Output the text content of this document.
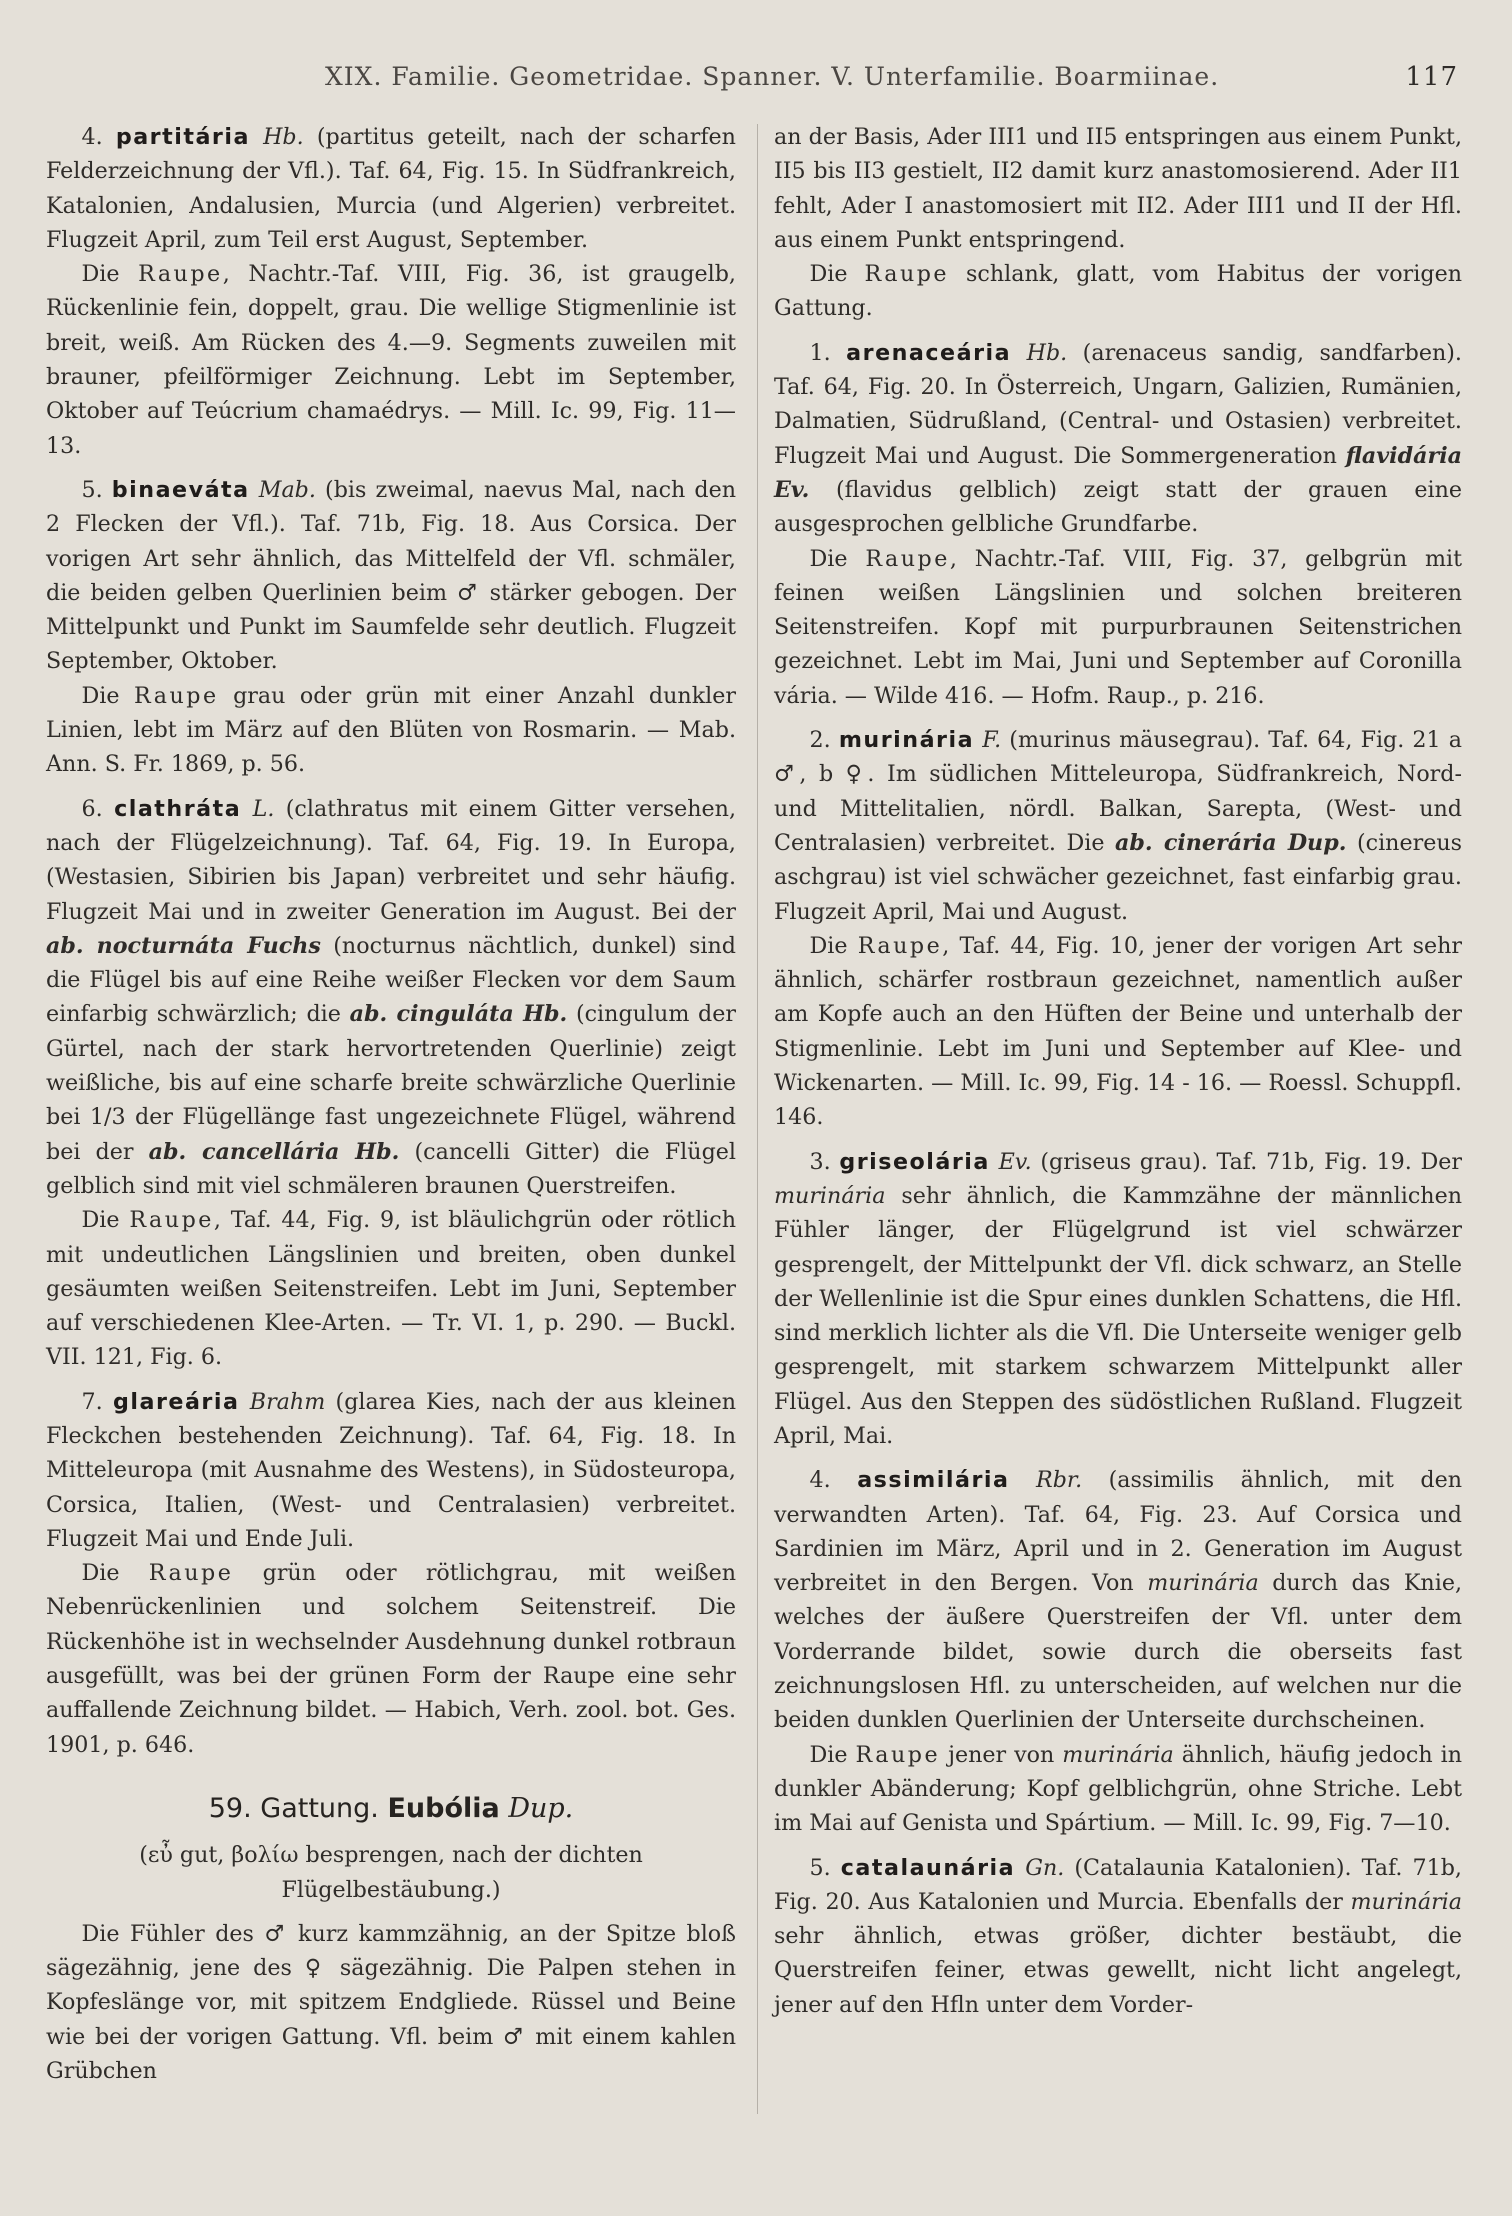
XIX. Familie. Geometridae. Spanner. V. Unterfamilie. Boarmiinae.	117

4. partitária Hb. (partitus geteilt, nach der scharfen Felderzeichnung der Vfl.). Taf. 64, Fig. 15. In Südfrankreich, Katalonien, Andalusien, Murcia (und Algerien) verbreitet. Flugzeit April, zum Teil erst August, September.

Die Raupe, Nachtr.-Taf. VIII, Fig. 36, ist graugelb, Rückenlinie fein, doppelt, grau. Die wellige Stigmenlinie ist breit, weiß. Am Rücken des 4.—9. Segments zuweilen mit brauner, pfeilförmiger Zeichnung. Lebt im September, Oktober auf Teúcrium chamaédrys. — Mill. Ic. 99, Fig. 11—13.

5. binaeváta Mab. (bis zweimal, naevus Mal, nach den 2 Flecken der Vfl.). Taf. 71b, Fig. 18. Aus Corsica. Der vorigen Art sehr ähnlich, das Mittelfeld der Vfl. schmäler, die beiden gelben Querlinien beim ♂ stärker gebogen. Der Mittelpunkt und Punkt im Saumfelde sehr deutlich. Flugzeit September, Oktober.

Die Raupe grau oder grün mit einer Anzahl dunkler Linien, lebt im März auf den Blüten von Rosmarin. — Mab. Ann. S. Fr. 1869, p. 56.

6. clathráta L. (clathratus mit einem Gitter versehen, nach der Flügelzeichnung). Taf. 64, Fig. 19. In Europa, (Westasien, Sibirien bis Japan) verbreitet und sehr häufig. Flugzeit Mai und in zweiter Generation im August. Bei der ab. nocturnáta Fuchs (nocturnus nächtlich, dunkel) sind die Flügel bis auf eine Reihe weißer Flecken vor dem Saum einfarbig schwärzlich; die ab. cinguláta Hb. (cingulum der Gürtel, nach der stark hervortretenden Querlinie) zeigt weißliche, bis auf eine scharfe breite schwärzliche Querlinie bei 1/3 der Flügellänge fast ungezeichnete Flügel, während bei der ab. cancellária Hb. (cancelli Gitter) die Flügel gelblich sind mit viel schmäleren braunen Querstreifen.

Die Raupe, Taf. 44, Fig. 9, ist bläulichgrün oder rötlich mit undeutlichen Längslinien und breiten, oben dunkel gesäumten weißen Seitenstreifen. Lebt im Juni, September auf verschiedenen Klee-Arten. — Tr. VI. 1, p. 290. — Buckl. VII. 121, Fig. 6.

7. glareária Brahm (glarea Kies, nach der aus kleinen Fleckchen bestehenden Zeichnung). Taf. 64, Fig. 18. In Mitteleuropa (mit Ausnahme des Westens), in Südosteuropa, Corsica, Italien, (West- und Centralasien) verbreitet. Flugzeit Mai und Ende Juli.

Die Raupe grün oder rötlichgrau, mit weißen Nebenrückenlinien und solchem Seitenstreif. Die Rückenhöhe ist in wechselnder Ausdehnung dunkel rotbraun ausgefüllt, was bei der grünen Form der Raupe eine sehr auffallende Zeichnung bildet. — Habich, Verh. zool. bot. Ges. 1901, p. 646.

59. Gattung. Eubólia Dup.

(εὖ gut, βολίω besprengen, nach der dichten Flügelbestäubung.)

Die Fühler des ♂ kurz kammzähnig, an der Spitze bloß sägezähnig, jene des ♀ sägezähnig. Die Palpen stehen in Kopfeslänge vor, mit spitzem Endgliede. Rüssel und Beine wie bei der vorigen Gattung. Vfl. beim ♂ mit einem kahlen Grübchen

an der Basis, Ader III1 und II5 entspringen aus einem Punkt, II5 bis II3 gestielt, II2 damit kurz anastomosierend. Ader II1 fehlt, Ader I anastomosiert mit II2. Ader III1 und II der Hfl. aus einem Punkt entspringend.

Die Raupe schlank, glatt, vom Habitus der vorigen Gattung.

1. arenaceária Hb. (arenaceus sandig, sandfarben). Taf. 64, Fig. 20. In Österreich, Ungarn, Galizien, Rumänien, Dalmatien, Südrußland, (Central- und Ostasien) verbreitet. Flugzeit Mai und August. Die Sommergeneration flavidária Ev. (flavidus gelblich) zeigt statt der grauen eine ausgesprochen gelbliche Grundfarbe.

Die Raupe, Nachtr.-Taf. VIII, Fig. 37, gelbgrün mit feinen weißen Längslinien und solchen breiteren Seitenstreifen. Kopf mit purpurbraunen Seitenstrichen gezeichnet. Lebt im Mai, Juni und September auf Coronilla vária. — Wilde 416. — Hofm. Raup., p. 216.

2. murinária F. (murinus mäusegrau). Taf. 64, Fig. 21 a ♂, b ♀. Im südlichen Mitteleuropa, Südfrankreich, Nord- und Mittelitalien, nördl. Balkan, Sarepta, (West- und Centralasien) verbreitet. Die ab. cinerária Dup. (cinereus aschgrau) ist viel schwächer gezeichnet, fast einfarbig grau. Flugzeit April, Mai und August.

Die Raupe, Taf. 44, Fig. 10, jener der vorigen Art sehr ähnlich, schärfer rostbraun gezeichnet, namentlich außer am Kopfe auch an den Hüften der Beine und unterhalb der Stigmenlinie. Lebt im Juni und September auf Klee- und Wickenarten. — Mill. Ic. 99, Fig. 14 - 16. — Roessl. Schuppfl. 146.

3. griseolária Ev. (griseus grau). Taf. 71b, Fig. 19. Der murinária sehr ähnlich, die Kammzähne der männlichen Fühler länger, der Flügelgrund ist viel schwärzer gesprengelt, der Mittelpunkt der Vfl. dick schwarz, an Stelle der Wellenlinie ist die Spur eines dunklen Schattens, die Hfl. sind merklich lichter als die Vfl. Die Unterseite weniger gelb gesprengelt, mit starkem schwarzem Mittelpunkt aller Flügel. Aus den Steppen des südöstlichen Rußland. Flugzeit April, Mai.

4. assimilária Rbr. (assimilis ähnlich, mit den verwandten Arten). Taf. 64, Fig. 23. Auf Corsica und Sardinien im März, April und in 2. Generation im August verbreitet in den Bergen. Von murinária durch das Knie, welches der äußere Querstreifen der Vfl. unter dem Vorderrande bildet, sowie durch die oberseits fast zeichnungslosen Hfl. zu unterscheiden, auf welchen nur die beiden dunklen Querlinien der Unterseite durchscheinen.

Die Raupe jener von murinária ähnlich, häufig jedoch in dunkler Abänderung; Kopf gelblichgrün, ohne Striche. Lebt im Mai auf Genista und Spártium. — Mill. Ic. 99, Fig. 7—10.

5. catalaunária Gn. (Catalaunia Katalonien). Taf. 71b, Fig. 20. Aus Katalonien und Murcia. Ebenfalls der murinária sehr ähnlich, etwas größer, dichter bestäubt, die Querstreifen feiner, etwas gewellt, nicht licht angelegt, jener auf den Hfln unter dem Vorder-
